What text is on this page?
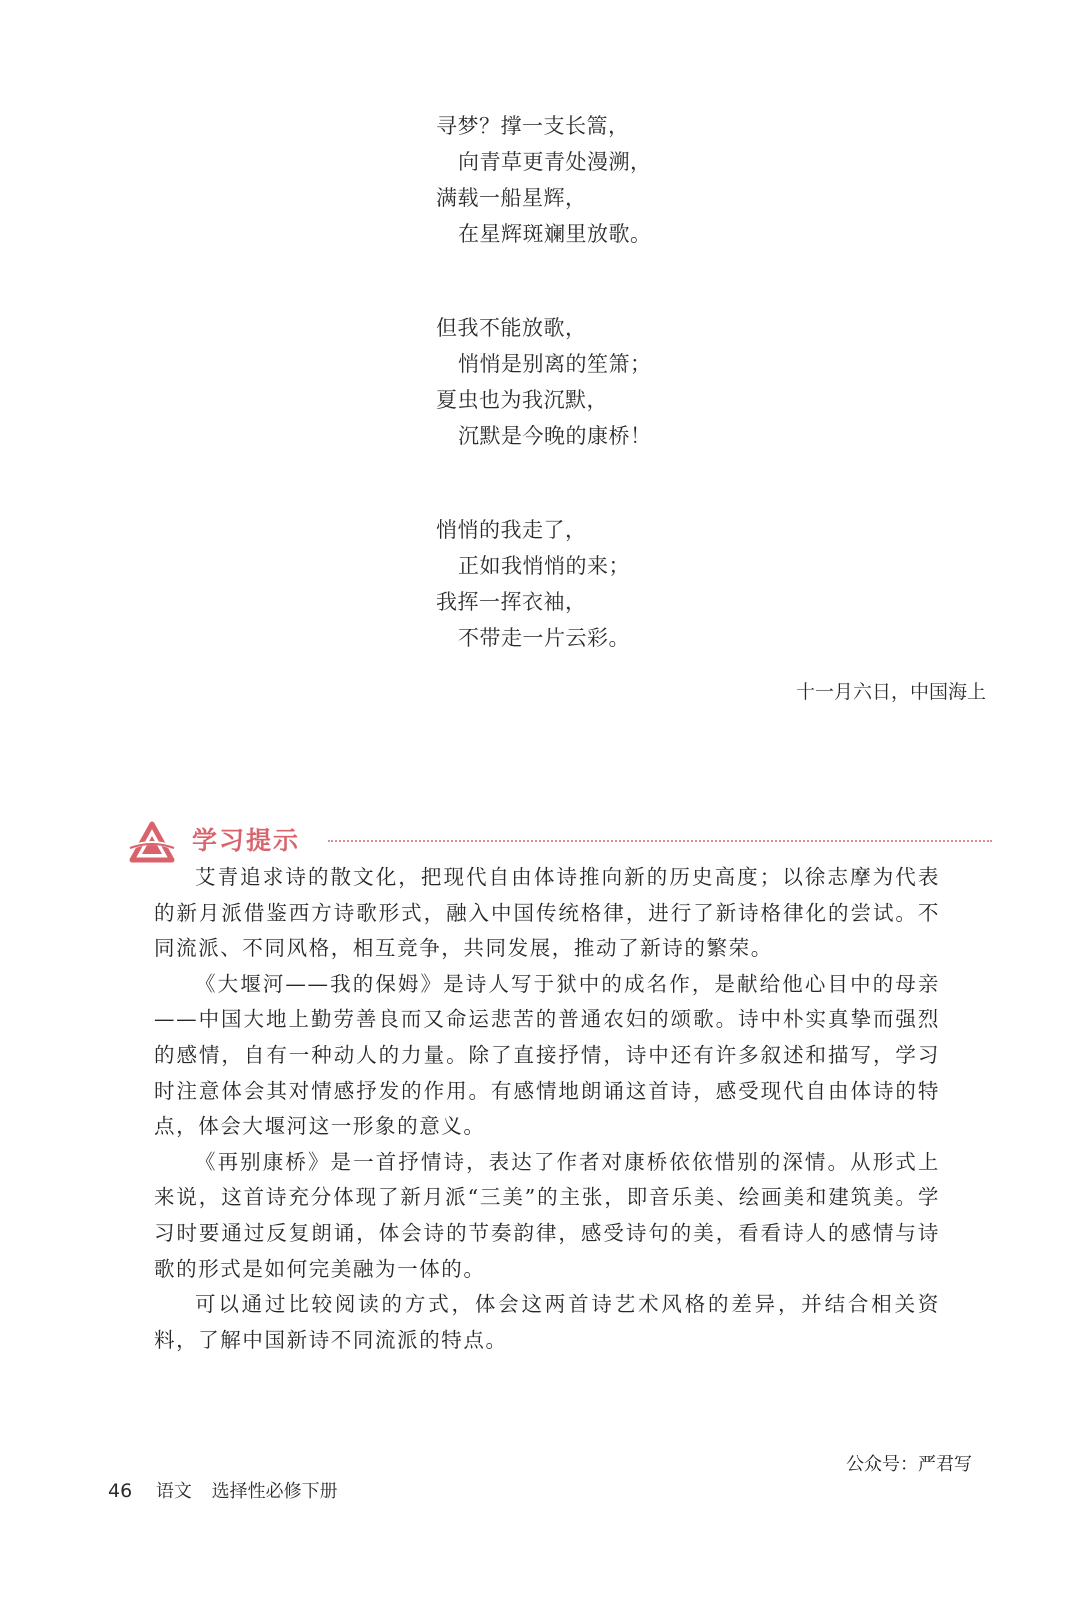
寻梦？撑一支长篙，
向青草更青处漫溯，
满载一船星辉，
在星辉斑斓里放歌。
但我不能放歌，
悄悄是别离的笙箫；
夏虫也为我沉默，
沉默是今晚的康桥！
悄悄的我走了，
正如我悄悄的来；
我挥一挥衣袖，
不带走一片云彩。
十一月六日，中国海上
学习提示

艾青追求诗的散文化，把现代自由体诗推向新的历史高度；以徐志摩为代表的新月派借鉴西方诗歌形式，融入中国传统格律，进行了新诗格律化的尝试。不同流派、不同风格，相互竞争，共同发展，推动了新诗的繁荣。

《大堰河——我的保姆》是诗人写于狱中的成名作，是献给他心目中的母亲——中国大地上勤劳善良而又命运悲苦的普通农妇的颂歌。诗中朴实真挚而强烈的感情，自有一种动人的力量。除了直接抒情，诗中还有许多叙述和描写，学习时注意体会其对情感抒发的作用。有感情地朗诵这首诗，感受现代自由体诗的特点，体会大堰河这一形象的意义。

《再别康桥》是一首抒情诗，表达了作者对康桥依依惜别的深情。从形式上来说，这首诗充分体现了新月派“三美”的主张，即音乐美、绘画美和建筑美。学习时要通过反复朗诵，体会诗的节奏韵律，感受诗句的美，看看诗人的感情与诗歌的形式是如何完美融为一体的。

可以通过比较阅读的方式，体会这两首诗艺术风格的差异，并结合相关资料，了解中国新诗不同流派的特点。

公众号：严君写
46 语文 选择性必修下册
